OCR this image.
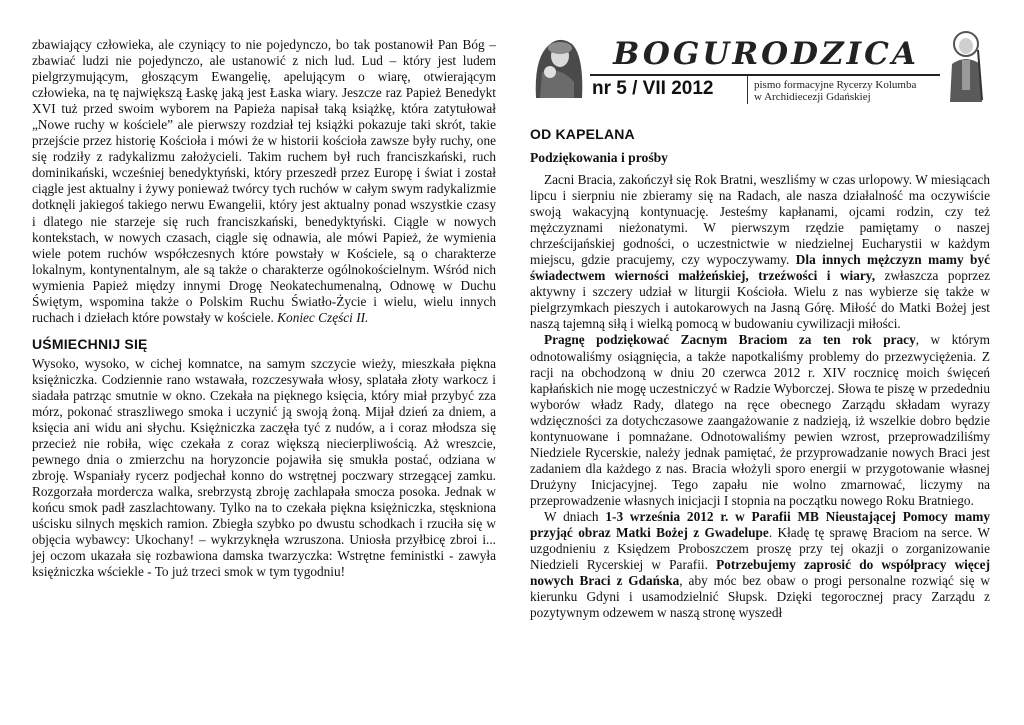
zbawiający człowieka, ale czyniący to nie pojedynczo, bo tak postanowił Pan Bóg – zbawiać ludzi nie pojedynczo, ale ustanowić z nich lud. Lud – który jest ludem pielgrzymującym, głoszącym Ewangelię, apelującym o wiarę, otwierającym człowieka, na tę największą Łaskę jaką jest Łaska wiary. Jeszcze raz Papież Benedykt XVI tuż przed swoim wyborem na Papieża napisał taką książkę, która zatytułował „Nowe ruchy w kościele” ale pierwszy rozdział tej książki pokazuje taki skrót, takie przejście przez historię Kościoła i mówi że w historii kościoła zawsze były ruchy, one się rodziły z radykalizmu założycieli. Takim ruchem był ruch franciszkański, ruch dominikański, wcześniej benedyktyński, który przeszedł przez Europę i świat i został ciągle jest aktualny i żywy ponieważ twórcy tych ruchów w całym swym radykalizmie dotknęli jakiegoś takiego nerwu Ewangelii, który jest aktualny ponad wszystkie czasy i dlatego nie starzeje się ruch franciszkański, benedyktyński. Ciągle w nowych kontekstach, w nowych czasach, ciągle się odnawia, ale mówi Papież, że wymienia wiele potem ruchów współczesnych które powstały w Kościele, są o charakterze lokalnym, kontynentalnym, ale są także o charakterze ogólnokościelnym. Wśród nich wymienia Papież między innymi Drogę Neokatechumenalną, Odnowę w Duchu Świętym, wspomina także o Polskim Ruchu Światło-Życie i wielu, wielu innych ruchach i dziełach które powstały w kościele. Koniec Części II.

UŚMIECHNIJ SIĘ

Wysoko, wysoko, w cichej komnatce, na samym szczycie wieży, mieszkała piękna księżniczka. Codziennie rano wstawała, rozczesywała włosy, splatała złoty warkocz i siadała patrząc smutnie w okno. Czekała na pięknego księcia, który miał przybyć zza mórz, pokonać straszliwego smoka i uczynić ją swoją żoną. Mijał dzień za dniem, a księcia ani widu ani słychu. Księżniczka zaczęła tyć z nudów, a i coraz młodsza się przecież nie robiła, więc czekała z coraz większą niecierpliwością. Aż wreszcie, pewnego dnia o zmierzchu na horyzoncie pojawiła się smukła postać, odziana w zbroję. Wspaniały rycerz podjechał konno do wstrętnej poczwary strzegącej zamku. Rozgorzała mordercza walka, srebrzystą zbroję zachlapała smocza posoka. Jednak w końcu smok padł zaszlachtowany. Tylko na to czekała piękna księżniczka, stęskniona uścisku silnych męskich ramion. Zbiegła szybko po dwustu schodkach i rzuciła się w objęcia wybawcy: Ukochany! – wykrzyknęła wzruszona. Uniosła przyłbicę zbroi i... jej oczom ukazała się rozbawiona damska twarzyczka: Wstrętne feministki - zawyła księżniczka wściekle - To już trzeci smok w tym tygodniu!

BOGURODZICA
nr 5 / VII 2012	pismo formacyjne Rycerzy Kolumba
w Archidiecezji Gdańskiej
OD KAPELANA
Podziękowania i prośby

Zacni Bracia, zakończył się Rok Bratni, weszliśmy w czas urlopowy. W miesiącach lipcu i sierpniu nie zbieramy się na Radach, ale nasza działalność ma oczywiście swoją wakacyjną kontynuację. Jesteśmy kapłanami, ojcami rodzin, czy też mężczyznami nieżonatymi. W pierwszym rzędzie pamiętamy o naszej chrześcijańskiej godności, o uczestnictwie w niedzielnej Eucharystii w każdym miejscu, gdzie pracujemy, czy wypoczywamy. Dla innych mężczyzn mamy być świadectwem wierności małżeńskiej, trzeźwości i wiary, zwłaszcza poprzez aktywny i szczery udział w liturgii Kościoła. Wielu z nas wybierze się także w pielgrzymkach pieszych i autokarowych na Jasną Górę. Miłość do Matki Bożej jest naszą tajemną siłą i wielką pomocą w budowaniu cywilizacji miłości.

Pragnę podziękować Zacnym Braciom za ten rok pracy, w którym odnotowaliśmy osiągnięcia, a także napotkaliśmy problemy do przezwyciężenia. Z racji na obchodzoną w dniu 20 czerwca 2012 r. XIV rocznicę moich święceń kapłańskich nie mogę uczestniczyć w Radzie Wyborczej. Słowa te piszę w przededniu wyborów władz Rady, dlatego na ręce obecnego Zarządu składam wyrazy wdzięczności za dotychczasowe zaangażowanie z nadzieją, iż wszelkie dobro będzie kontynuowane i pomnażane. Odnotowaliśmy pewien wzrost, przeprowadziliśmy Niedziele Rycerskie, należy jednak pamiętać, że przyprowadzanie nowych Braci jest zadaniem dla każdego z nas. Bracia włożyli sporo energii w przygotowanie własnej Drużyny Inicjacyjnej. Tego zapału nie wolno zmarnować, liczymy na przeprowadzenie własnych inicjacji I stopnia na początku nowego Roku Bratniego.

W dniach 1-3 września 2012 r. w Parafii MB Nieustającej Pomocy mamy przyjąć obraz Matki Bożej z Gwadelupe. Kładę tę sprawę Braciom na serce. W uzgodnieniu z Księdzem Proboszczem proszę przy tej okazji o zorganizowanie Niedzieli Rycerskiej w Parafii. Potrzebujemy zaprosić do współpracy więcej nowych Braci z Gdańska, aby móc bez obaw o progi personalne rozwiąć się w kierunku Gdyni i usamodzielnić Słupsk. Dzięki tegorocznej pracy Zarządu z pozytywnym odzewem w naszą stronę wyszedł
